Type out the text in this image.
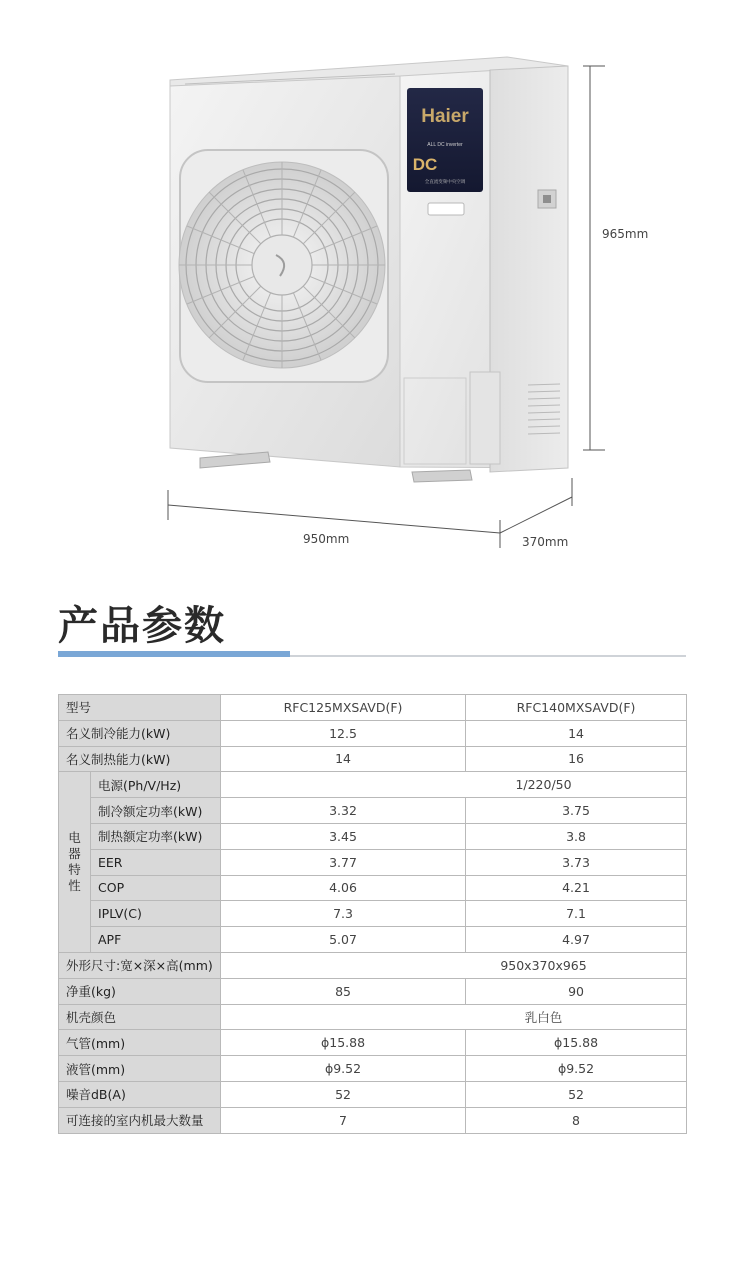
Haier
ALL DC inverter
DC
全直流变频中央空调
965mm
950mm	370mm
产品参数
型号		RFC125MXSAVD(F)	RFC140MXSAVD(F)
名义制冷能力(kW)		12.5	14
名义制热能力(kW)		14	16
电器特性	电源(Ph/V/Hz)	1/220/50	
	制冷额定功率(kW)	3.32	3.75
	制热额定功率(kW)	3.45	3.8
	EER	3.77	3.73
	COP	4.06	4.21
	IPLV(C)	7.3	7.1
	APF	5.07	4.97
外形尺寸:宽×深×高(mm)		950x370x965	
净重(kg)		85	90
机壳颜色		乳白色	
气管(mm)		ϕ15.88	ϕ15.88
液管(mm)		ϕ9.52	ϕ9.52
噪音dB(A)		52	52
可连接的室内机最大数量		7	8
